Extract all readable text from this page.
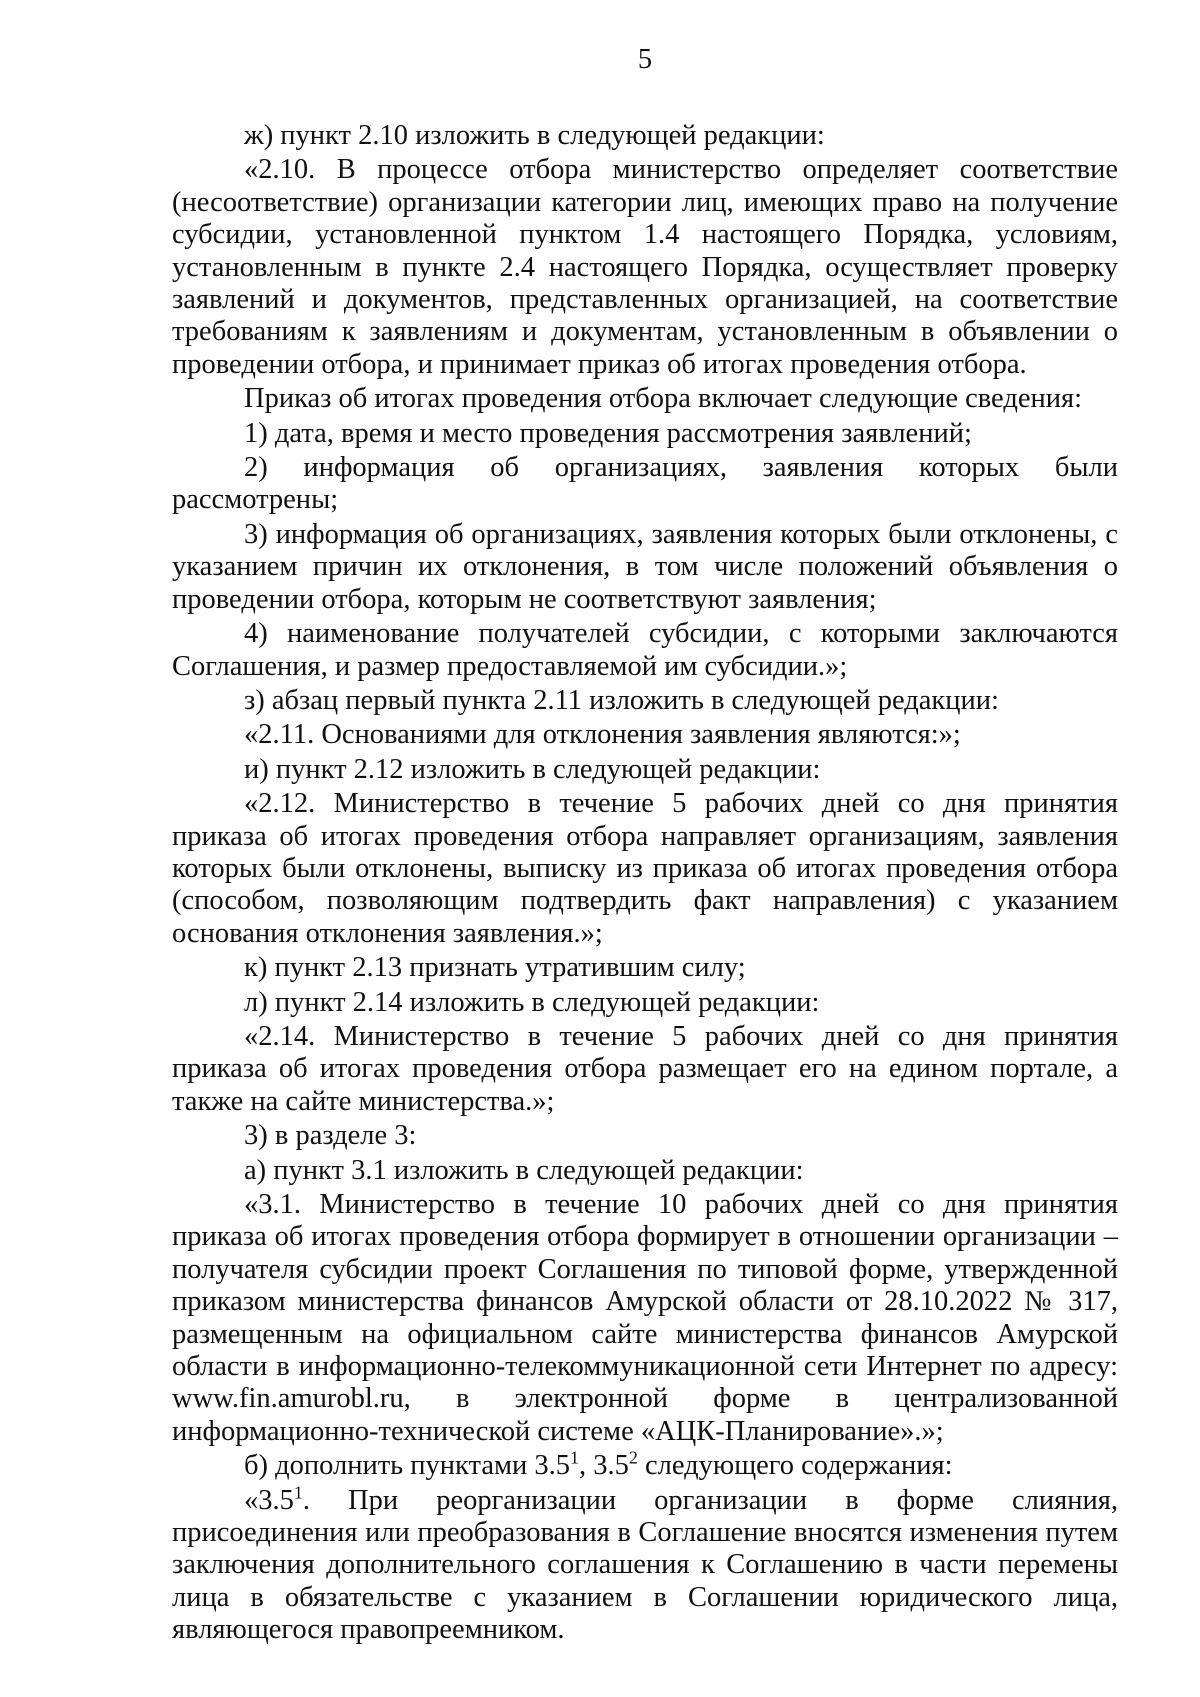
5

ж) пункт 2.10 изложить в следующей редакции:

«2.10. В процессе отбора министерство определяет соответствие (несоответствие) организации категории лиц, имеющих право на получение субсидии, установленной пунктом 1.4 настоящего Порядка, условиям, установленным в пункте 2.4 настоящего Порядка, осуществляет проверку заявлений и документов, представленных организацией, на соответствие требованиям к заявлениям и документам, установленным в объявлении о проведении отбора, и принимает приказ об итогах проведения отбора.

Приказ об итогах проведения отбора включает следующие сведения:

1) дата, время и место проведения рассмотрения заявлений;

2) информация об организациях, заявления которых были рассмотрены;

3) информация об организациях, заявления которых были отклонены, с указанием причин их отклонения, в том числе положений объявления о проведении отбора, которым не соответствуют заявления;

4) наименование получателей субсидии, с которыми заключаются Соглашения, и размер предоставляемой им субсидии.»;

з) абзац первый пункта 2.11 изложить в следующей редакции:

«2.11. Основаниями для отклонения заявления являются:»;

и) пункт 2.12 изложить в следующей редакции:

«2.12. Министерство в течение 5 рабочих дней со дня принятия приказа об итогах проведения отбора направляет организациям, заявления которых были отклонены, выписку из приказа об итогах проведения отбора (способом, позволяющим подтвердить факт направления) с указанием основания отклонения заявления.»;

к) пункт 2.13 признать утратившим силу;

л) пункт 2.14 изложить в следующей редакции:

«2.14. Министерство в течение 5 рабочих дней со дня принятия приказа об итогах проведения отбора размещает его на едином портале, а также на сайте министерства.»;

3) в разделе 3:

а) пункт 3.1 изложить в следующей редакции:

«3.1. Министерство в течение 10 рабочих дней со дня принятия приказа об итогах проведения отбора формирует в отношении организации – получателя субсидии проект Соглашения по типовой форме, утвержденной приказом министерства финансов Амурской области от 28.10.2022 № 317, размещенным на официальном сайте министерства финансов Амурской области в информационно-телекоммуникационной сети Интернет по адресу: www.fin.amurobl.ru, в электронной форме в централизованной информационно-технической системе «АЦК-Планирование».»;

б) дополнить пунктами $3.5^1$, $3.5^2$ следующего содержания:

«$3.5^1$. При реорганизации организации в форме слияния, присоединения или преобразования в Соглашение вносятся изменения путем заключения дополнительного соглашения к Соглашению в части перемены лица в обязательстве с указанием в Соглашении юридического лица, являющегося правопреемником.
